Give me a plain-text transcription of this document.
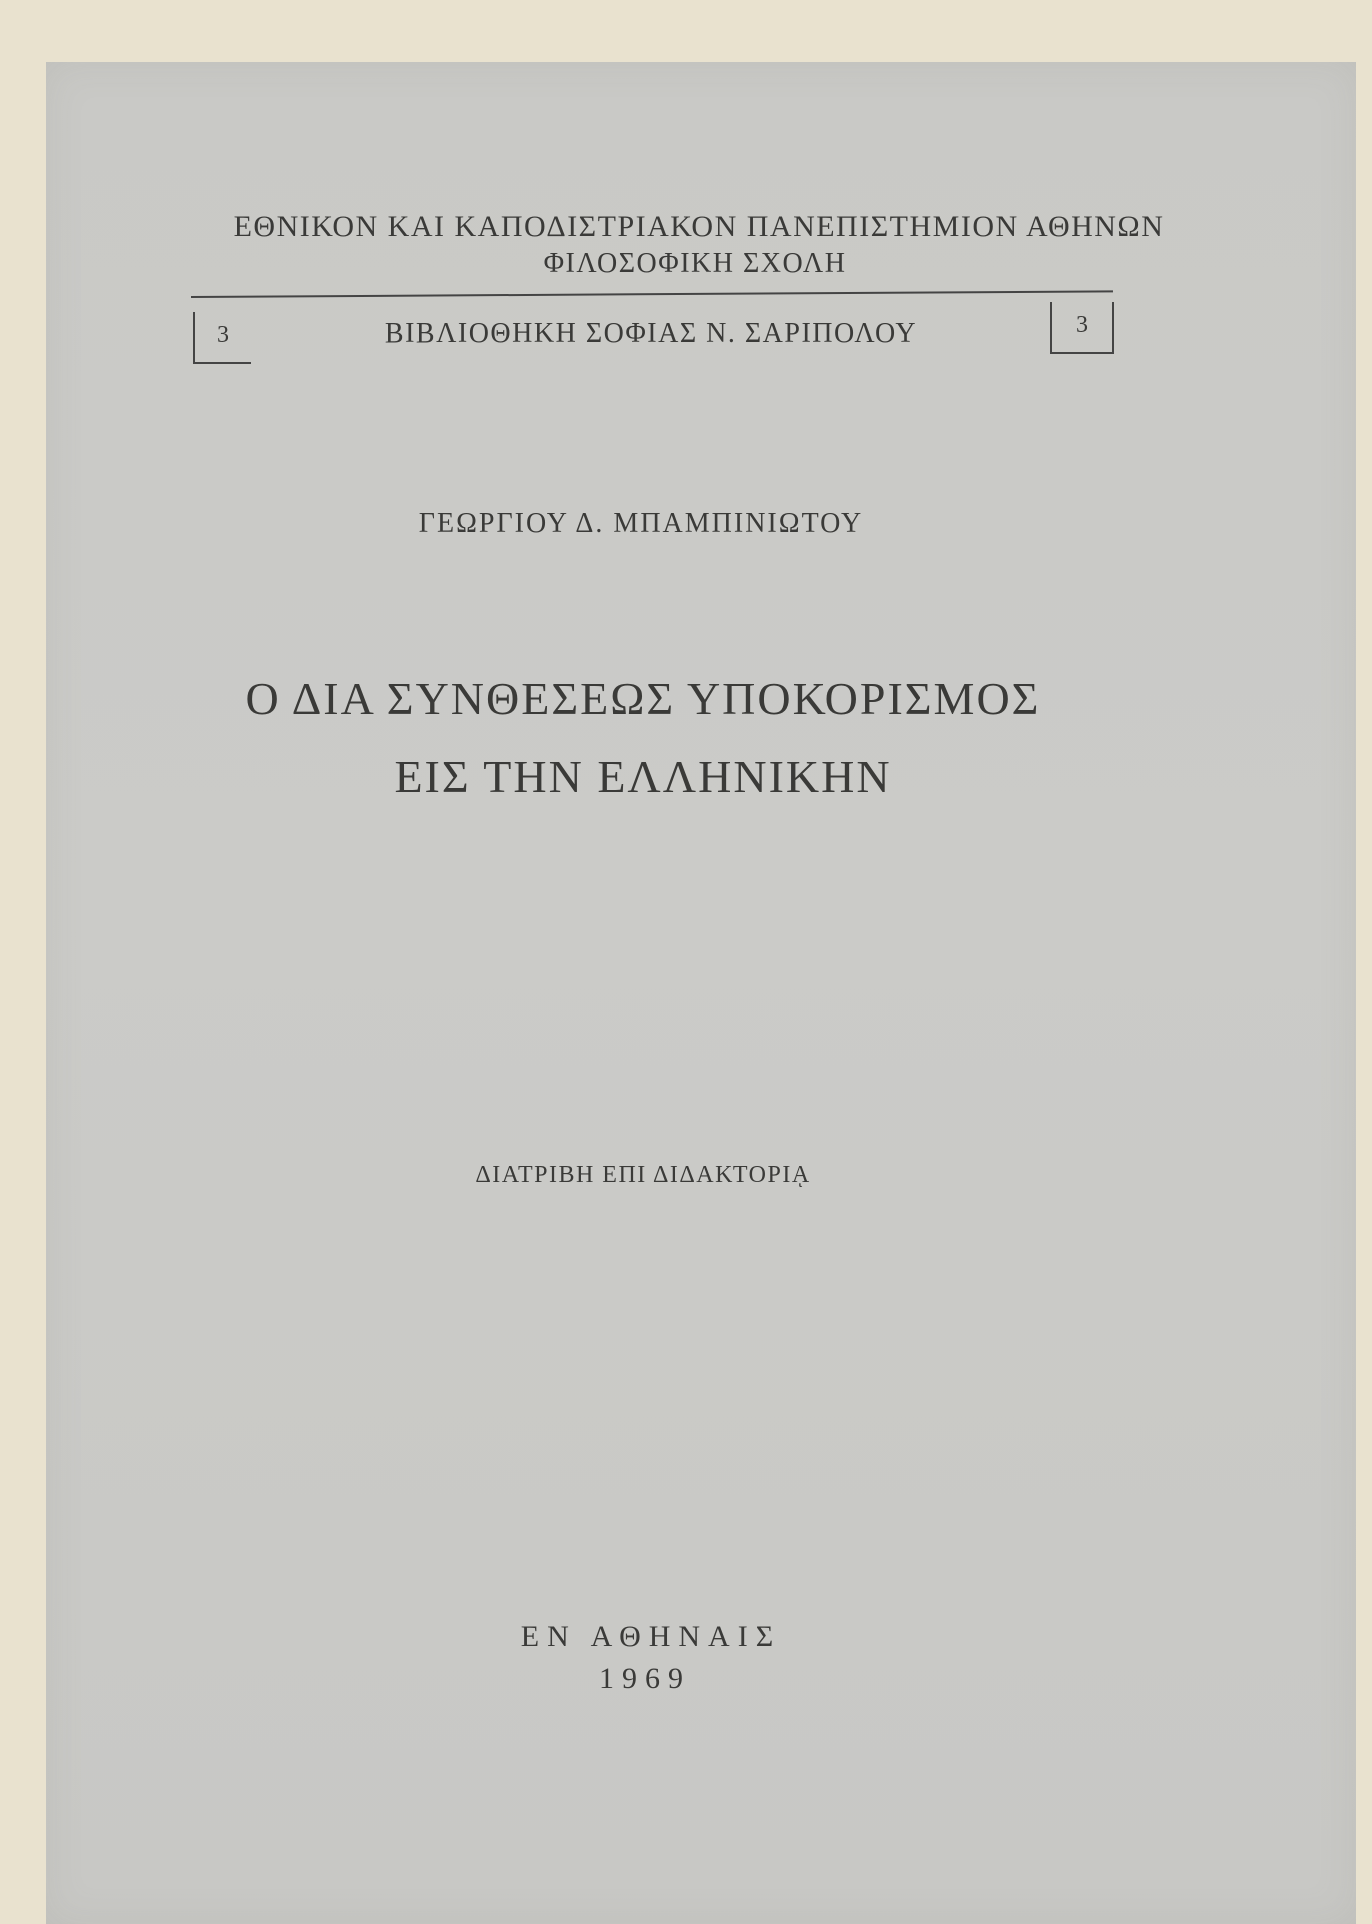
ΕΘΝΙΚΟΝ ΚΑΙ ΚΑΠΟΔΙΣΤΡΙΑΚΟΝ ΠΑΝΕΠΙΣΤΗΜΙΟΝ ΑΘΗΝΩΝ
ΦΙΛΟΣΟΦΙΚΗ ΣΧΟΛΗ
3	ΒΙΒΛΙΟΘΗΚΗ ΣΟΦΙΑΣ Ν. ΣΑΡΙΠΟΛΟΥ	3
ΓΕΩΡΓΙΟΥ Δ. ΜΠΑΜΠΙΝΙΩΤΟΥ
Ο ΔΙΑ ΣΥΝΘΕΣΕΩΣ ΥΠΟΚΟΡΙΣΜΟΣ
ΕΙΣ ΤΗΝ ΕΛΛΗΝΙΚΗΝ
ΔΙΑΤΡΙΒΗ ΕΠΙ ΔΙΔΑΚΤΟΡΙᾼ
ΕΝ ΑΘΗΝΑΙΣ
1969
